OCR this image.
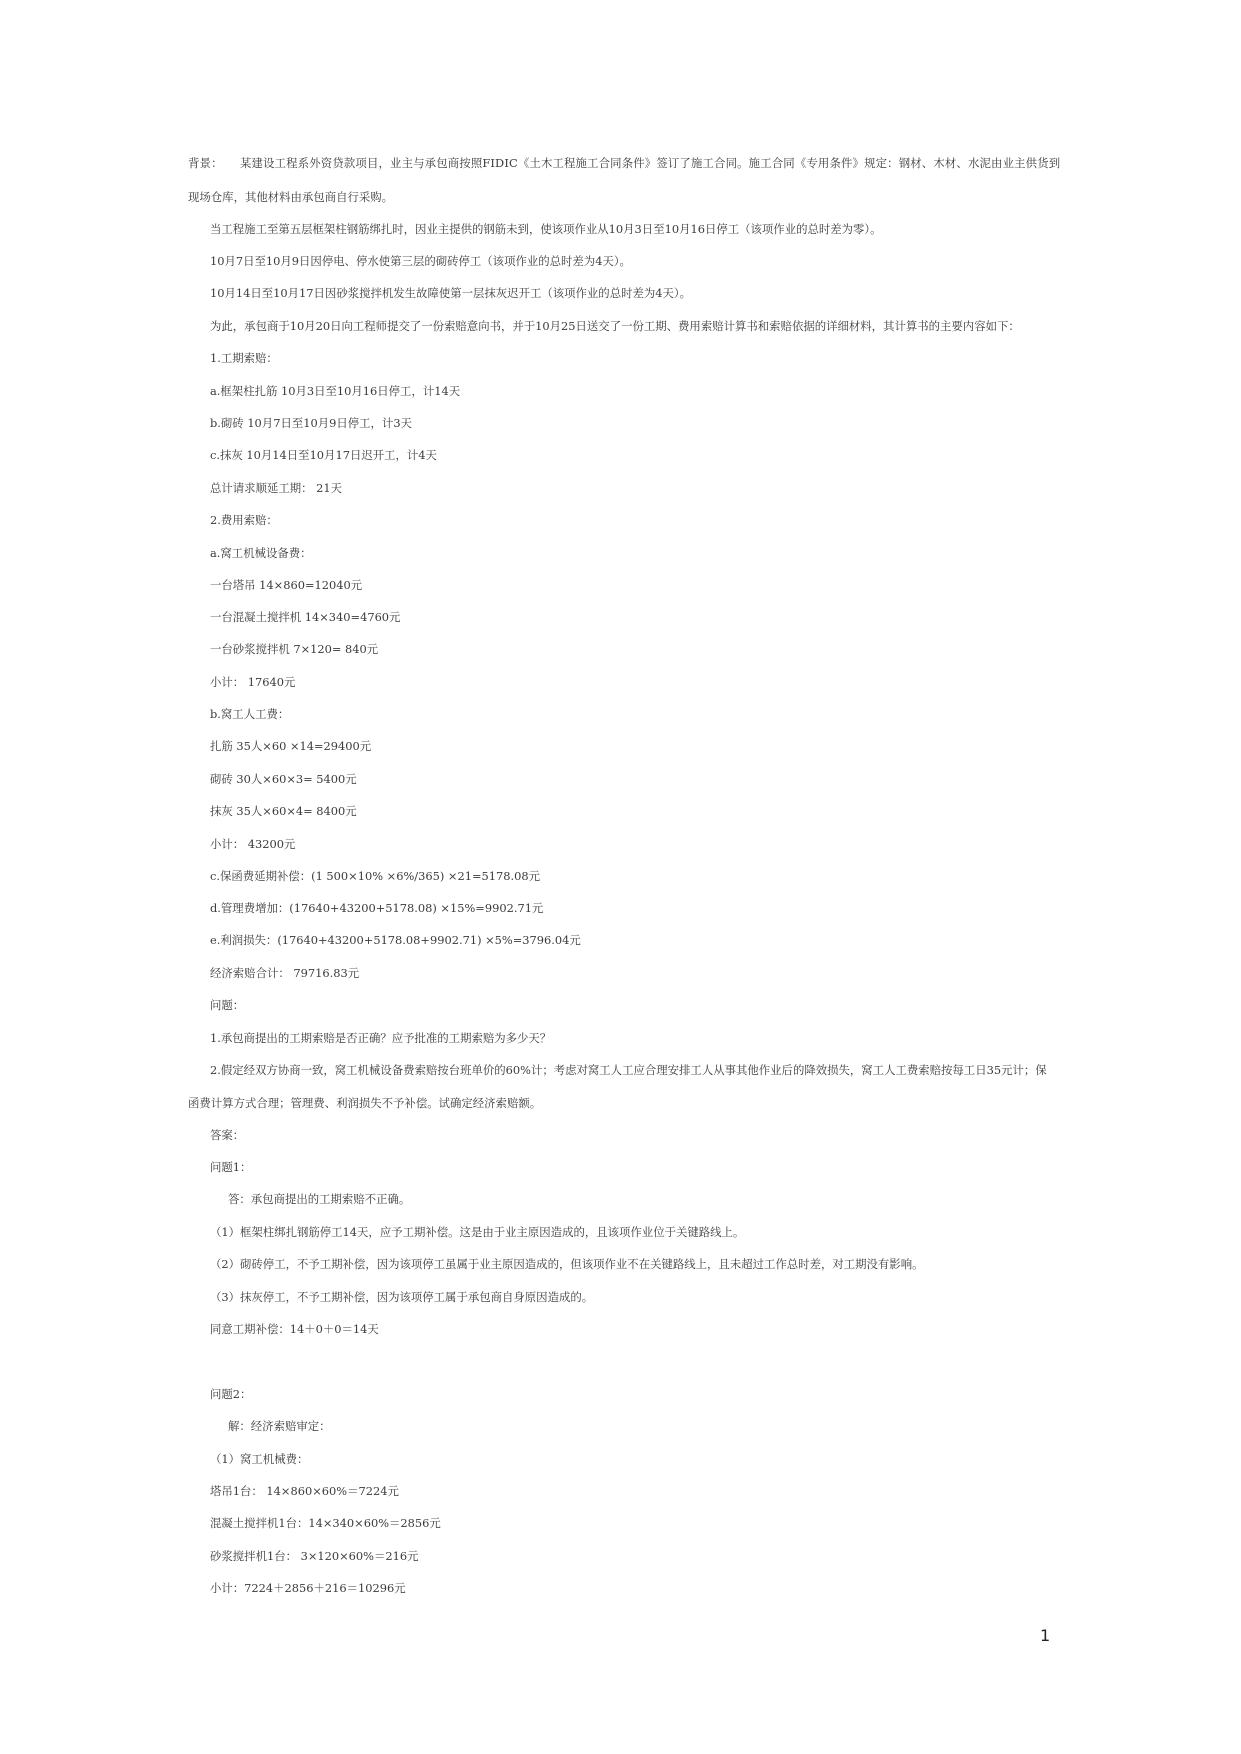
背景：　　某建设工程系外资贷款项目，业主与承包商按照FIDIC《土木工程施工合同条件》签订了施工合同。施工合同《专用条件》规定：钢材、木材、水泥由业主供货到
现场仓库，其他材料由承包商自行采购。
当工程施工至第五层框架柱钢筋绑扎时，因业主提供的钢筋未到，使该项作业从10月3日至10月16日停工（该项作业的总时差为零）。
10月7日至10月9日因停电、停水使第三层的砌砖停工（该项作业的总时差为4天）。
10月14日至10月17日因砂浆搅拌机发生故障使第一层抹灰迟开工（该项作业的总时差为4天）。
为此，承包商于10月20日向工程师提交了一份索赔意向书，并于10月25日送交了一份工期、费用索赔计算书和索赔依据的详细材料，其计算书的主要内容如下：
1.工期索赔：
a.框架柱扎筋 10月3日至10月16日停工，计14天
b.砌砖 10月7日至10月9日停工，计3天
c.抹灰 10月14日至10月17日迟开工，计4天
总计请求顺延工期： 21天
2.费用索赔：
a.窝工机械设备费：
一台塔吊 14×860=12040元
一台混凝土搅拌机 14×340=4760元
一台砂浆搅拌机 7×120= 840元
小计： 17640元
b.窝工人工费：
扎筋 35人×60 ×14=29400元
砌砖 30人×60×3= 5400元
抹灰 35人×60×4= 8400元
小计： 43200元
c.保函费延期补偿：(1 500×10% ×6%/365) ×21=5178.08元
d.管理费增加：(17640+43200+5178.08) ×15%=9902.71元
e.利润损失：(17640+43200+5178.08+9902.71) ×5%=3796.04元
经济索赔合计： 79716.83元
问题：
1.承包商提出的工期索赔是否正确？应予批准的工期索赔为多少天？
2.假定经双方协商一致，窝工机械设备费索赔按台班单价的60%计；考虑对窝工人工应合理安排工人从事其他作业后的降效损失，窝工人工费索赔按每工日35元计；保
函费计算方式合理；管理费、利润损失不予补偿。试确定经济索赔额。
答案：
问题1：
答：承包商提出的工期索赔不正确。
（1）框架柱绑扎钢筋停工14天，应予工期补偿。这是由于业主原因造成的，且该项作业位于关键路线上。
（2）砌砖停工，不予工期补偿，因为该项停工虽属于业主原因造成的，但该项作业不在关键路线上，且未超过工作总时差，对工期没有影响。
（3）抹灰停工，不予工期补偿，因为该项停工属于承包商自身原因造成的。
同意工期补偿：14＋0＋0＝14天
问题2：
解：经济索赔审定：
（1）窝工机械费：
塔吊1台： 14×860×60%＝7224元
混凝土搅拌机1台：14×340×60%＝2856元
砂浆搅拌机1台： 3×120×60%＝216元
小计：7224＋2856＋216＝10296元
1
